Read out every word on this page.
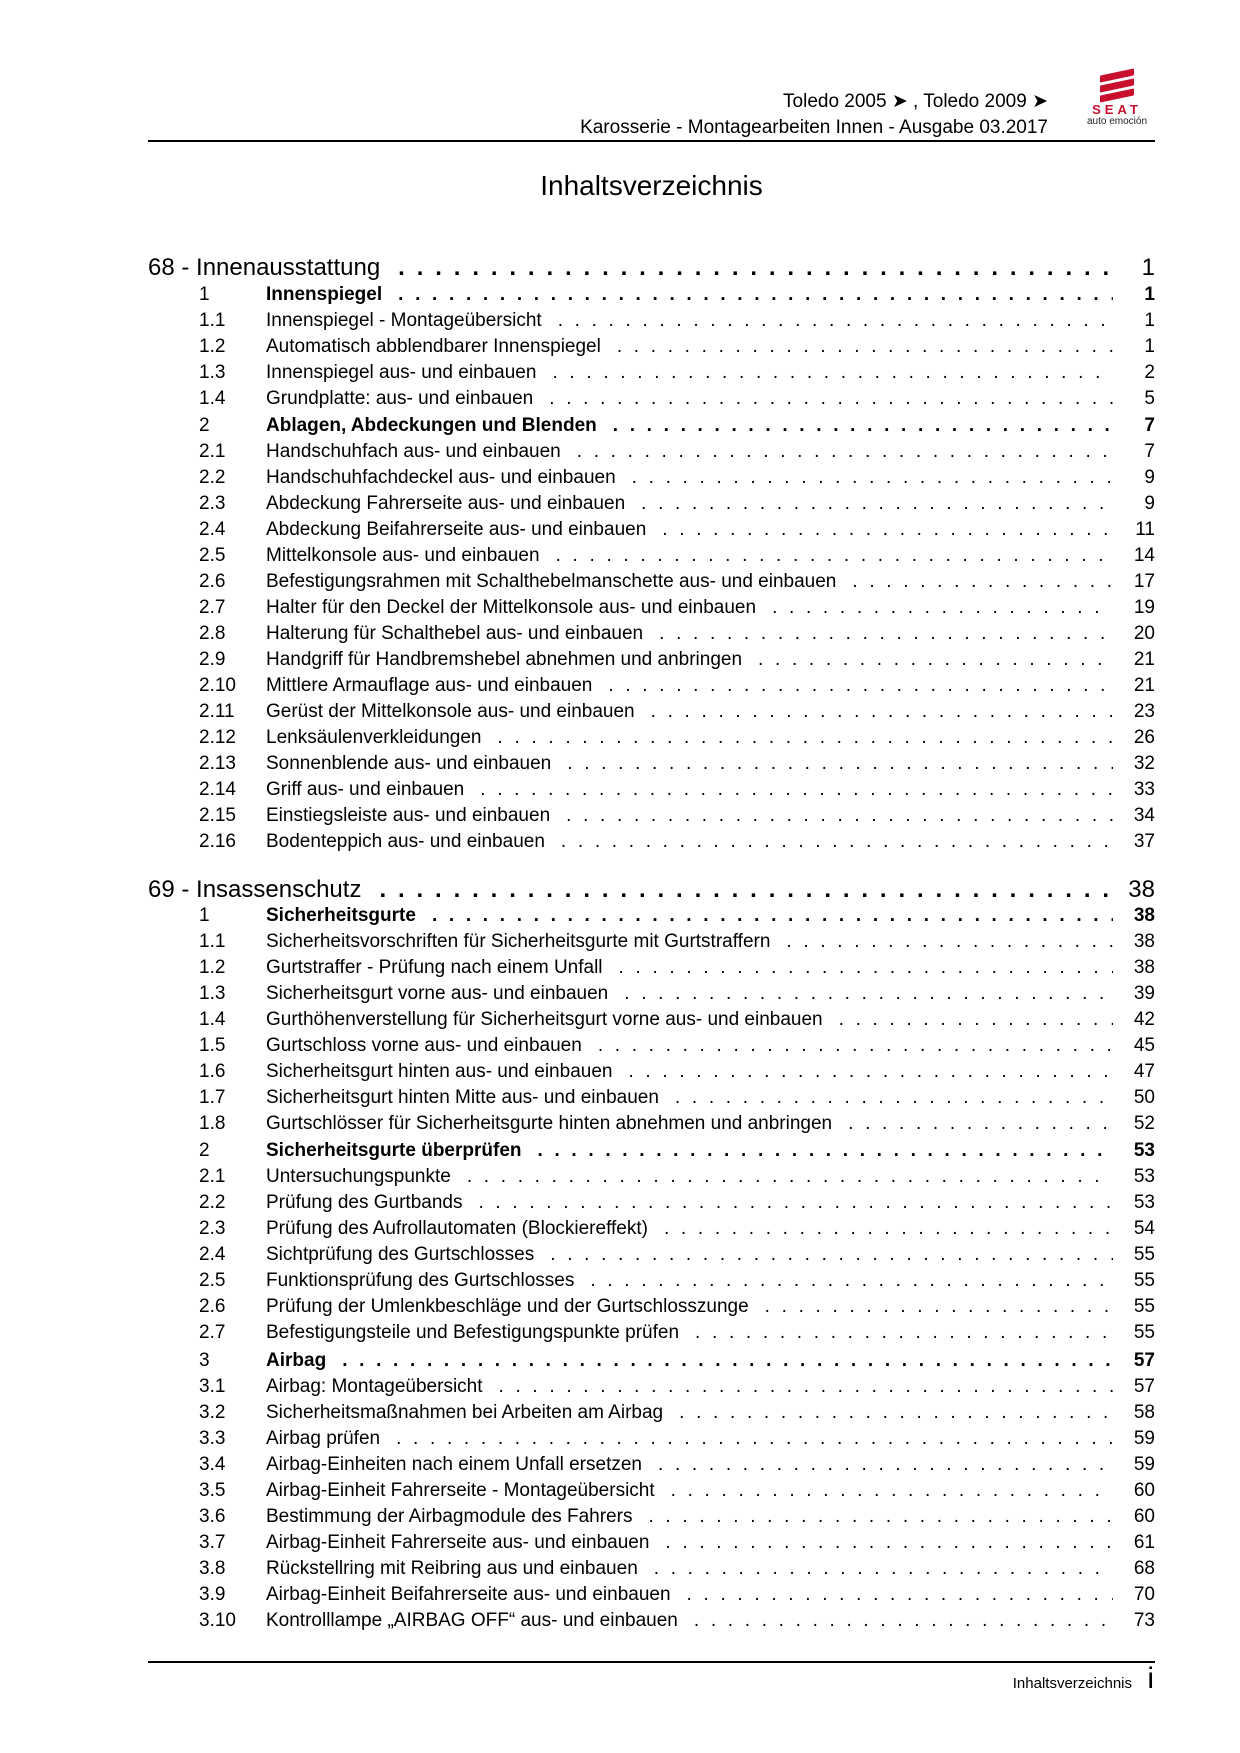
Toledo 2005 ➤ , Toledo 2009 ➤
Karosserie - Montagearbeiten Innen - Ausgabe 03.2017
SEAT
auto emoción
Inhaltsverzeichnis
68 - Innenausstattung . . .	1
1	Innenspiegel . . .	1
1.1	Innenspiegel - Montageübersicht . . .	1
1.2	Automatisch abblendbarer Innenspiegel . . .	1
1.3	Innenspiegel aus- und einbauen . . .	2
1.4	Grundplatte: aus- und einbauen . . .	5
2	Ablagen, Abdeckungen und Blenden . . .	7
2.1	Handschuhfach aus- und einbauen . . .	7
2.2	Handschuhfachdeckel aus- und einbauen . . .	9
2.3	Abdeckung Fahrerseite aus- und einbauen . . .	9
2.4	Abdeckung Beifahrerseite aus- und einbauen . . .	11
2.5	Mittelkonsole aus- und einbauen . . .	14
2.6	Befestigungsrahmen mit Schalthebelmanschette aus- und einbauen . . .	17
2.7	Halter für den Deckel der Mittelkonsole aus- und einbauen . . .	19
2.8	Halterung für Schalthebel aus- und einbauen . . .	20
2.9	Handgriff für Handbremshebel abnehmen und anbringen . . .	21
2.10	Mittlere Armauflage aus- und einbauen . . .	21
2.11	Gerüst der Mittelkonsole aus- und einbauen . . .	23
2.12	Lenksäulenverkleidungen . . .	26
2.13	Sonnenblende aus- und einbauen . . .	32
2.14	Griff aus- und einbauen . . .	33
2.15	Einstiegsleiste aus- und einbauen . . .	34
2.16	Bodenteppich aus- und einbauen . . .	37
69 - Insassenschutz . . .	38
1	Sicherheitsgurte . . .	38
1.1	Sicherheitsvorschriften für Sicherheitsgurte mit Gurtstraffern . . .	38
1.2	Gurtstraffer - Prüfung nach einem Unfall . . .	38
1.3	Sicherheitsgurt vorne aus- und einbauen . . .	39
1.4	Gurthöhenverstellung für Sicherheitsgurt vorne aus- und einbauen . . .	42
1.5	Gurtschloss vorne aus- und einbauen . . .	45
1.6	Sicherheitsgurt hinten aus- und einbauen . . .	47
1.7	Sicherheitsgurt hinten Mitte aus- und einbauen . . .	50
1.8	Gurtschlösser für Sicherheitsgurte hinten abnehmen und anbringen . . .	52
2	Sicherheitsgurte überprüfen . . .	53
2.1	Untersuchungspunkte . . .	53
2.2	Prüfung des Gurtbands . . .	53
2.3	Prüfung des Aufrollautomaten (Blockiereffekt) . . .	54
2.4	Sichtprüfung des Gurtschlosses . . .	55
2.5	Funktionsprüfung des Gurtschlosses . . .	55
2.6	Prüfung der Umlenkbeschläge und der Gurtschlosszunge . . .	55
2.7	Befestigungsteile und Befestigungspunkte prüfen . . .	55
3	Airbag . . .	57
3.1	Airbag: Montageübersicht . . .	57
3.2	Sicherheitsmaßnahmen bei Arbeiten am Airbag . . .	58
3.3	Airbag prüfen . . .	59
3.4	Airbag-Einheiten nach einem Unfall ersetzen . . .	59
3.5	Airbag-Einheit Fahrerseite - Montageübersicht . . .	60
3.6	Bestimmung der Airbagmodule des Fahrers . . .	60
3.7	Airbag-Einheit Fahrerseite aus- und einbauen . . .	61
3.8	Rückstellring mit Reibring aus und einbauen . . .	68
3.9	Airbag-Einheit Beifahrerseite aus- und einbauen . . .	70
3.10	Kontrolllampe „AIRBAG OFF“ aus- und einbauen . . .	73
Inhaltsverzeichnis i
